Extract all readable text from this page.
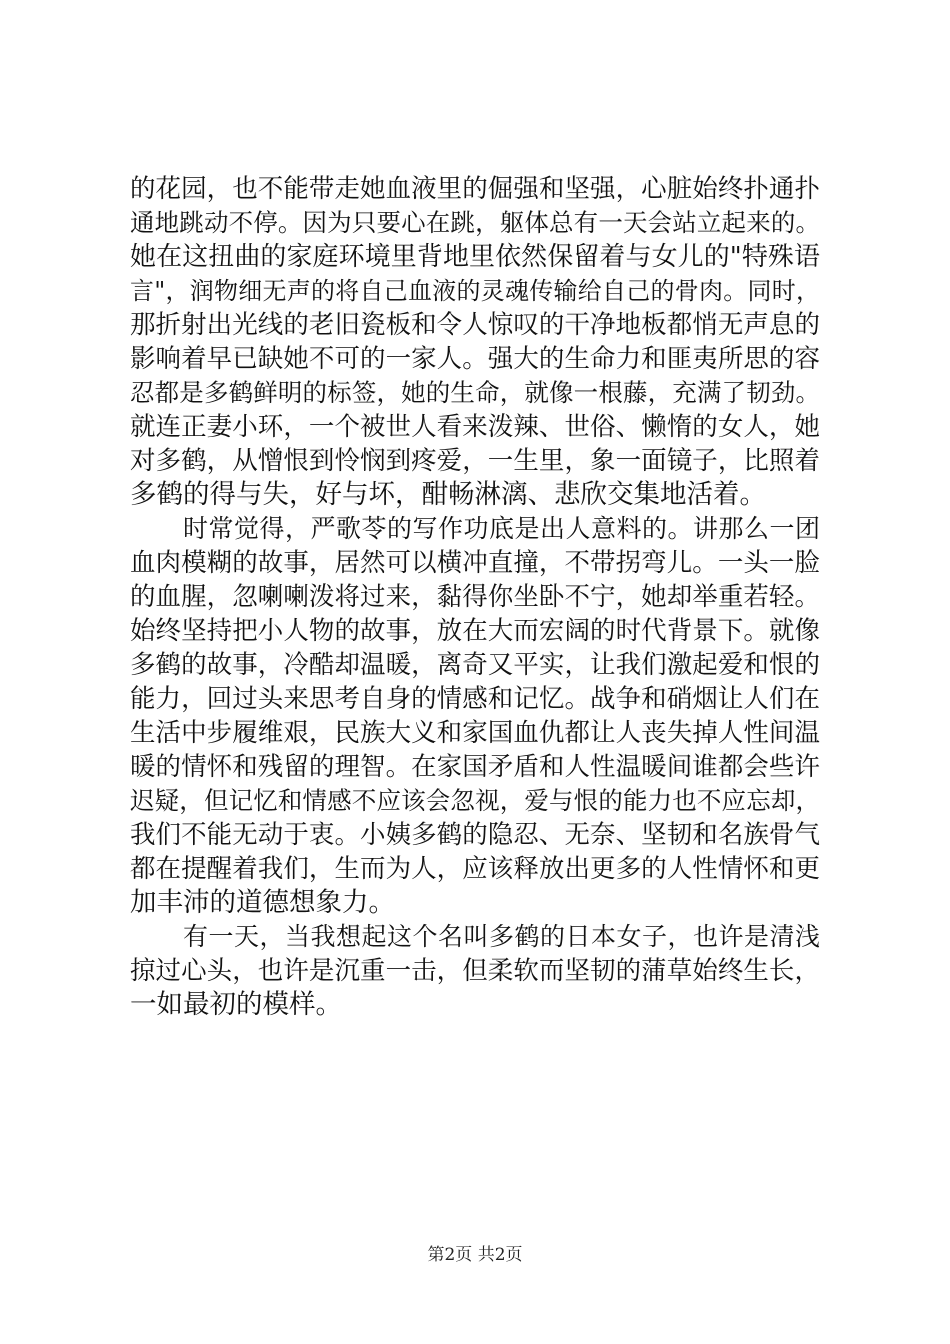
的花园，也不能带走她血液里的倔强和坚强，心脏始终扑通扑
通地跳动不停。因为只要心在跳，躯体总有一天会站立起来的。
她在这扭曲的家庭环境里背地里依然保留着与女儿的"特殊语
言"，润物细无声的将自己血液的灵魂传输给自己的骨肉。同时，
那折射出光线的老旧瓷板和令人惊叹的干净地板都悄无声息的
影响着早已缺她不可的一家人。强大的生命力和匪夷所思的容
忍都是多鹤鲜明的标签，她的生命，就像一根藤，充满了韧劲。
就连正妻小环，一个被世人看来泼辣、世俗、懒惰的女人，她
对多鹤，从憎恨到怜悯到疼爱，一生里，象一面镜子，比照着
多鹤的得与失，好与坏，酣畅淋漓、悲欣交集地活着。
时常觉得，严歌苓的写作功底是出人意料的。讲那么一团
血肉模糊的故事，居然可以横冲直撞，不带拐弯儿。一头一脸
的血腥，忽喇喇泼将过来，黏得你坐卧不宁，她却举重若轻。
始终坚持把小人物的故事，放在大而宏阔的时代背景下。就像
多鹤的故事，冷酷却温暖，离奇又平实，让我们激起爱和恨的
能力，回过头来思考自身的情感和记忆。战争和硝烟让人们在
生活中步履维艰，民族大义和家国血仇都让人丧失掉人性间温
暖的情怀和残留的理智。在家国矛盾和人性温暖间谁都会些许
迟疑，但记忆和情感不应该会忽视，爱与恨的能力也不应忘却，
我们不能无动于衷。小姨多鹤的隐忍、无奈、坚韧和名族骨气
都在提醒着我们，生而为人，应该释放出更多的人性情怀和更
加丰沛的道德想象力。
有一天，当我想起这个名叫多鹤的日本女子，也许是清浅
掠过心头，也许是沉重一击，但柔软而坚韧的蒲草始终生长，
一如最初的模样。
第2页 共2页
